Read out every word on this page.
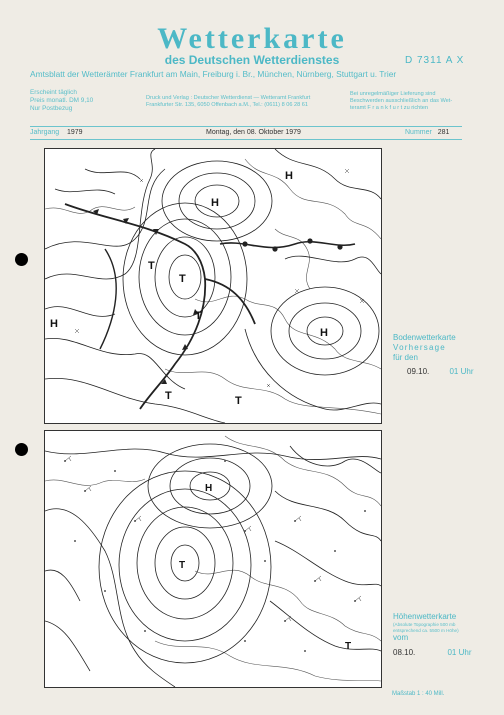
Wetterkarte
des Deutschen Wetterdienstes	D 7311 A X
Amtsblatt der Wetterämter Frankfurt am Main, Freiburg i. Br., München, Nürnberg, Stuttgart u. Trier
Erscheint täglich
Preis monatl. DM 9,10
Nur Postbezug
Druck und Verlag : Deutscher Wetterdienst — Wetteramt Frankfurt
Frankfurter Str. 135, 6050 Offenbach a.M., Tel.: (0611) 8 06 28 61
Bei unregelmäßiger Lieferung sind
Beschwerden ausschließlich an das Wet-
teramt F r a n k f u r t zu richten
Jahrgang 1979	Montag, den 08. Oktober 1979	Nummer 281
H
H
T
T
T
T
H
H
T
Bodenwetterkarte
Vorhersage
für den
09.10.	01 Uhr
H
T
T
Höhenwetterkarte
(Absolute Topographie 500 mb
entsprechend ca. 5500 m Höhe)
vom
08.10.	01 Uhr
Maßstab 1 : 40 Mill.
